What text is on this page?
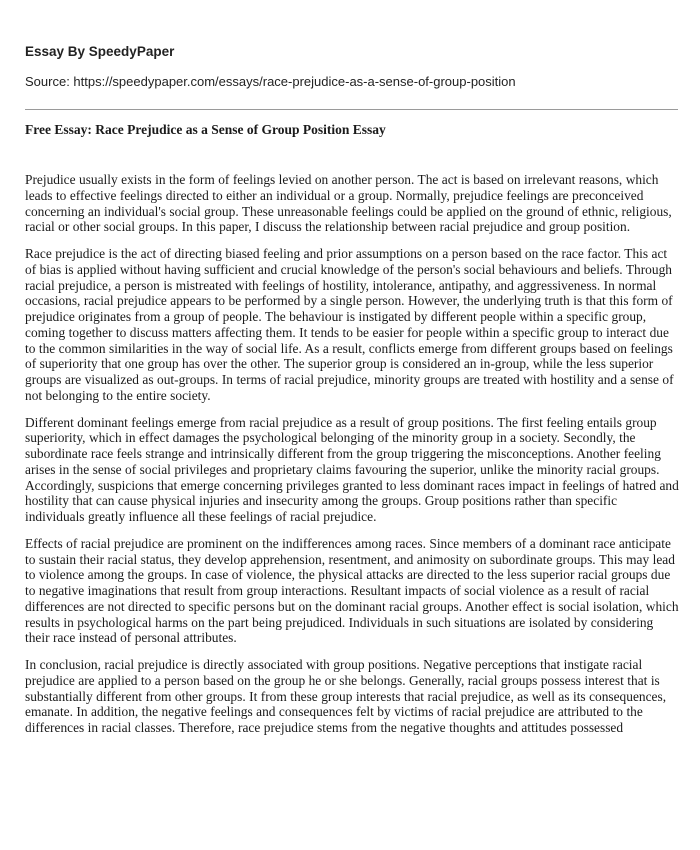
Essay By SpeedyPaper
Source: https://speedypaper.com/essays/race-prejudice-as-a-sense-of-group-position
Free Essay: Race Prejudice as a Sense of Group Position Essay

Prejudice usually exists in the form of feelings levied on another person. The act is based on irrelevant reasons, which leads to effective feelings directed to either an individual or a group. Normally, prejudice feelings are preconceived concerning an individual's social group. These unreasonable feelings could be applied on the ground of ethnic, religious, racial or other social groups. In this paper, I discuss the relationship between racial prejudice and group position.

Race prejudice is the act of directing biased feeling and prior assumptions on a person based on the race factor. This act of bias is applied without having sufficient and crucial knowledge of the person's social behaviours and beliefs. Through racial prejudice, a person is mistreated with feelings of hostility, intolerance, antipathy, and aggressiveness. In normal occasions, racial prejudice appears to be performed by a single person. However, the underlying truth is that this form of prejudice originates from a group of people. The behaviour is instigated by different people within a specific group, coming together to discuss matters affecting them. It tends to be easier for people within a specific group to interact due to the common similarities in the way of social life. As a result, conflicts emerge from different groups based on feelings of superiority that one group has over the other. The superior group is considered an in-group, while the less superior groups are visualized as out-groups. In terms of racial prejudice, minority groups are treated with hostility and a sense of not belonging to the entire society.

Different dominant feelings emerge from racial prejudice as a result of group positions. The first feeling entails group superiority, which in effect damages the psychological belonging of the minority group in a society. Secondly, the subordinate race feels strange and intrinsically different from the group triggering the misconceptions. Another feeling arises in the sense of social privileges and proprietary claims favouring the superior, unlike the minority racial groups. Accordingly, suspicions that emerge concerning privileges granted to less dominant races impact in feelings of hatred and hostility that can cause physical injuries and insecurity among the groups. Group positions rather than specific individuals greatly influence all these feelings of racial prejudice.

Effects of racial prejudice are prominent on the indifferences among races. Since members of a dominant race anticipate to sustain their racial status, they develop apprehension, resentment, and animosity on subordinate groups. This may lead to violence among the groups. In case of violence, the physical attacks are directed to the less superior racial groups due to negative imaginations that result from group interactions. Resultant impacts of social violence as a result of racial differences are not directed to specific persons but on the dominant racial groups. Another effect is social isolation, which results in psychological harms on the part being prejudiced. Individuals in such situations are isolated by considering their race instead of personal attributes.

In conclusion, racial prejudice is directly associated with group positions. Negative perceptions that instigate racial prejudice are applied to a person based on the group he or she belongs. Generally, racial groups possess interest that is substantially different from other groups. It from these group interests that racial prejudice, as well as its consequences, emanate. In addition, the negative feelings and consequences felt by victims of racial prejudice are attributed to the differences in racial classes. Therefore, race prejudice stems from the negative thoughts and attitudes possessed
